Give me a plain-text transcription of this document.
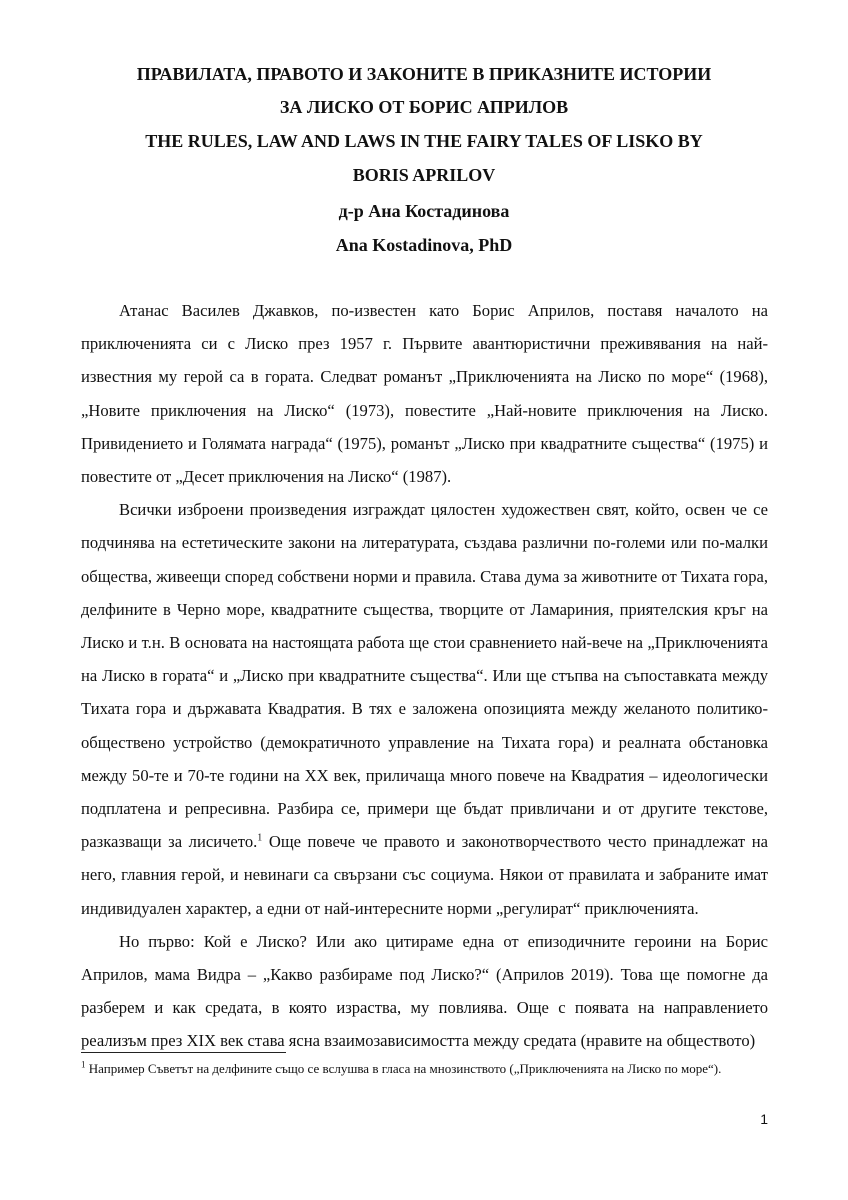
ПРАВИЛАТА, ПРАВОТО И ЗАКОНИТЕ В ПРИКАЗНИТЕ ИСТОРИИ
ЗА ЛИСКО ОТ БОРИС АПРИЛОВ
THE RULES, LAW AND LAWS IN THE FAIRY TALES OF LISKO BY
BORIS APRILOV
д-р Ана Костадинова
Ana Kostadinova, PhD

Атанас Василев Джавков, по-известен като Борис Априлов, поставя началото на приключенията си с Лиско през 1957 г. Първите авантюристични преживявания на най-известния му герой са в гората. Следват романът „Приключенията на Лиско по море“ (1968), „Новите приключения на Лиско“ (1973), повестите „Най-новите приключения на Лиско. Привидението и Голямата награда“ (1975), романът „Лиско при квадратните същества“ (1975) и повестите от „Десет приключения на Лиско“ (1987).

Всички изброени произведения изграждат цялостен художествен свят, който, освен че се подчинява на естетическите закони на литературата, създава различни по-големи или по-малки общества, живеещи според собствени норми и правила. Става дума за животните от Тихата гора, делфините в Черно море, квадратните същества, творците от Ламариния, приятелския кръг на Лиско и т.н. В основата на настоящата работа ще стои сравнението най-вече на „Приключенията на Лиско в гората“ и „Лиско при квадратните същества“. Или ще стъпва на съпоставката между Тихата гора и държавата Квадратия. В тях е заложена опозицията между желаното политико-обществено устройство (демократичното управление на Тихата гора) и реалната обстановка между 50-те и 70-те години на XX век, приличаща много повече на Квадратия – идеологически подплатена и репресивна. Разбира се, примери ще бъдат привличани и от другите текстове, разказващи за лисичето.$^1$ Още повече че правото и законотворчеството често принадлежат на него, главния герой, и невинаги са свързани със социума. Някои от правилата и забраните имат индивидуален характер, а едни от най-интересните норми „регулират“ приключенията.

Но първо: Кой е Лиско? Или ако цитираме една от епизодичните героини на Борис Априлов, мама Видра – „Какво разбираме под Лиско?“ (Априлов 2019). Това ще помогне да разберем и как средата, в която израства, му повлиява. Още с появата на направлението реализъм през XIX век става ясна взаимозависимостта между средата (нравите на обществото)

$^1$ Например Съветът на делфините също се вслушва в гласа на мнозинството („Приключенията на Лиско по море“).
1
